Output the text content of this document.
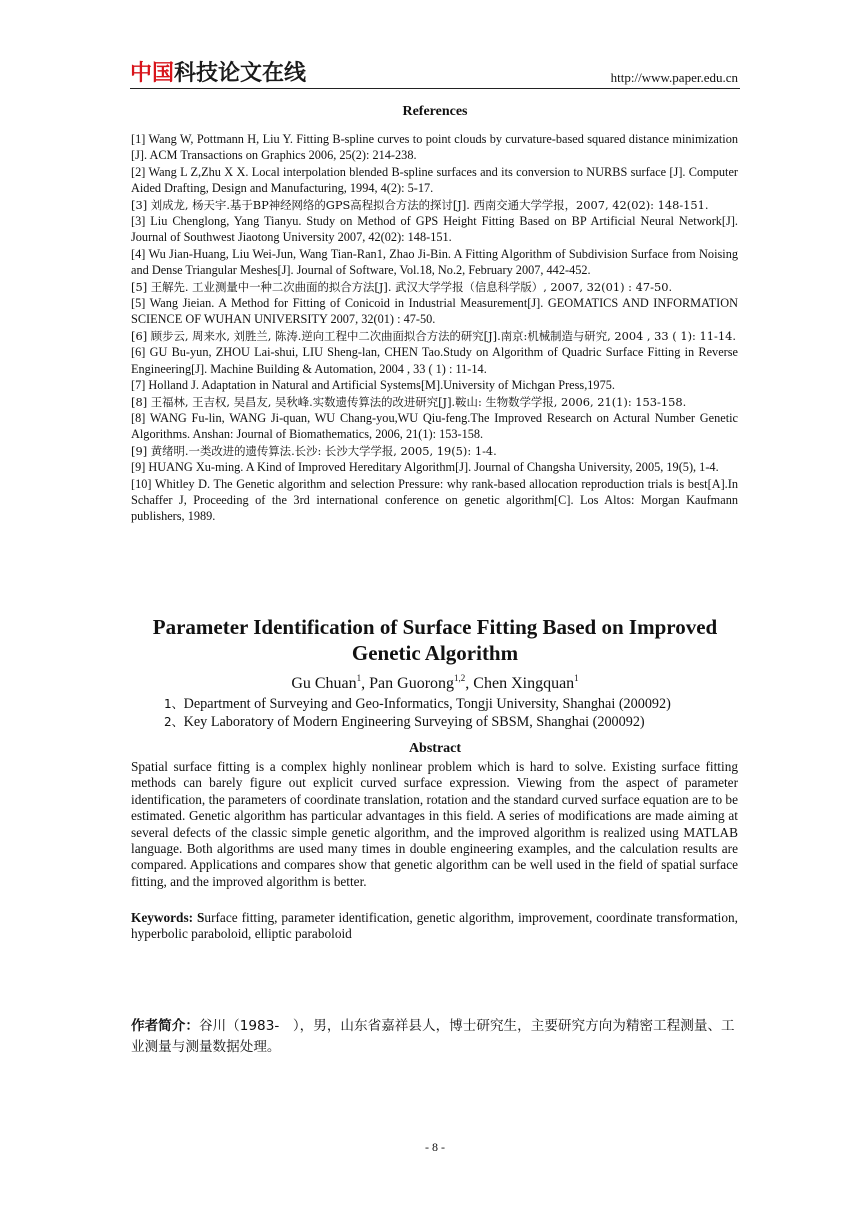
中国科技论文在线	http://www.paper.edu.cn
References

[1] Wang W, Pottmann H, Liu Y. Fitting B-spline curves to point clouds by curvature-based squared distance minimization [J]. ACM Transactions on Graphics 2006, 25(2): 214-238.

[2] Wang L Z,Zhu X X. Local interpolation blended B-spline surfaces and its conversion to NURBS surface [J]. Computer Aided Drafting, Design and Manufacturing, 1994, 4(2): 5-17.

[3] 刘成龙, 杨天宇.基于BP神经网络的GPS高程拟合方法的探讨[J]. 西南交通大学学报，2007, 42(02): 148-151.

[3] Liu Chenglong, Yang Tianyu. Study on Method of GPS Height Fitting Based on BP Artificial Neural Network[J]. Journal of Southwest Jiaotong University 2007, 42(02): 148-151.

[4] Wu Jian-Huang, Liu Wei-Jun, Wang Tian-Ran1, Zhao Ji-Bin. A Fitting Algorithm of Subdivision Surface from Noising and Dense Triangular Meshes[J]. Journal of Software, Vol.18, No.2, February 2007, 442-452.

[5] 王解先. 工业测量中一种二次曲面的拟合方法[J]. 武汉大学学报（信息科学版）, 2007, 32(01) : 47-50.

[5] Wang Jieian. A Method for Fitting of Conicoid in Industrial Measurement[J]. GEOMATICS AND INFORMATION SCIENCE OF WUHAN UNIVERSITY 2007, 32(01) : 47-50.

[6] 顾步云, 周来水, 刘胜兰, 陈涛.逆向工程中二次曲面拟合方法的研究[J].南京:机械制造与研究, 2004 , 33 ( 1): 11-14.

[6] GU Bu-yun, ZHOU Lai-shui, LIU Sheng-lan, CHEN Tao.Study on Algorithm of Quadric Surface Fitting in Reverse Engineering[J]. Machine Building & Automation, 2004 , 33 ( 1) : 11-14.

[7] Holland J. Adaptation in Natural and Artificial Systems[M].University of Michgan Press,1975.

[8] 王福林, 王吉权, 吴昌友, 吴秋峰.实数遗传算法的改进研究[J].鞍山: 生物数学学报, 2006, 21(1): 153-158.

[8] WANG Fu-lin, WANG Ji-quan, WU Chang-you,WU Qiu-feng.The Improved Research on Actural Number Genetic Algorithms. Anshan: Journal of Biomathematics, 2006, 21(1): 153-158.

[9] 黄绪明.一类改进的遗传算法.长沙: 长沙大学学报, 2005, 19(5): 1-4.

[9] HUANG Xu-ming. A Kind of Improved Hereditary Algorithm[J]. Journal of Changsha University, 2005, 19(5), 1-4.

[10] Whitley D. The Genetic algorithm and selection Pressure: why rank-based allocation reproduction trials is best[A].In Schaffer J, Proceeding of the 3rd international conference on genetic algorithm[C]. Los Altos: Morgan Kaufmann publishers, 1989.

Parameter Identification of Surface Fitting Based on Improved Genetic Algorithm
Gu Chuan$^1$, Pan Guorong$^{1,2}$, Chen Xingquan$^1$
1、Department of Surveying and Geo-Informatics, Tongji University, Shanghai (200092)
2、Key Laboratory of Modern Engineering Surveying of SBSM, Shanghai (200092)
Abstract

Spatial surface fitting is a complex highly nonlinear problem which is hard to solve. Existing surface fitting methods can barely figure out explicit curved surface expression. Viewing from the aspect of parameter identification, the parameters of coordinate translation, rotation and the standard curved surface equation are to be estimated. Genetic algorithm has particular advantages in this field. A series of modifications are made aiming at several defects of the classic simple genetic algorithm, and the improved algorithm is realized using MATLAB language. Both algorithms are used many times in double engineering examples, and the calculation results are compared. Applications and compares show that genetic algorithm can be well used in the field of spatial surface fitting, and the improved algorithm is better.

Keywords: Surface fitting, parameter identification, genetic algorithm, improvement, coordinate transformation, hyperbolic paraboloid, elliptic paraboloid

作者简介：谷川（1983-　），男，山东省嘉祥县人，博士研究生，主要研究方向为精密工程测量、工业测量与测量数据处理。

- 8 -
